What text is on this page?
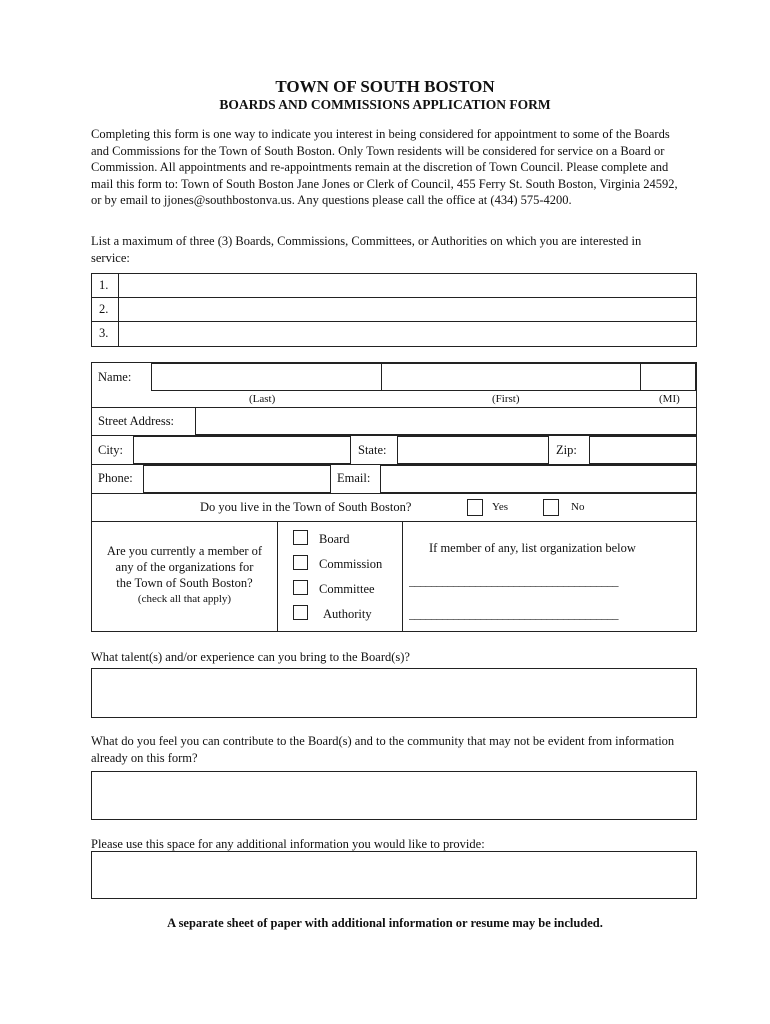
TOWN OF SOUTH BOSTON
BOARDS AND COMMISSIONS APPLICATION FORM
Completing this form is one way to indicate you interest in being considered for appointment to some of the Boards and Commissions for the Town of South Boston. Only Town residents will be considered for service on a Board or Commission. All appointments and re-appointments remain at the discretion of Town Council. Please complete and mail this form to: Town of South Boston Jane Jones or Clerk of Council, 455 Ferry St. South Boston, Virginia 24592, or by email to jjones@southbostonva.us. Any questions please call the office at (434) 575-4200.
List a maximum of three (3) Boards, Commissions, Committees, or Authorities on which you are interested in service:
1.
2.
3.
Name:
(Last)	(First)	(MI)
Street Address:
City:	State:	Zip:
Phone:	Email:
Do you live in the Town of South Boston?	Yes	No
Are you currently a member of
any of the organizations for
the Town of South Boston?
(check all that apply)
Board
Commission
Committee
Authority
If member of any, list organization below
______________________________________
______________________________________
What talent(s) and/or experience can you bring to the Board(s)?
What do you feel you can contribute to the Board(s) and to the community that may not be evident from information already on this form?
Please use this space for any additional information you would like to provide:
A separate sheet of paper with additional information or resume may be included.
